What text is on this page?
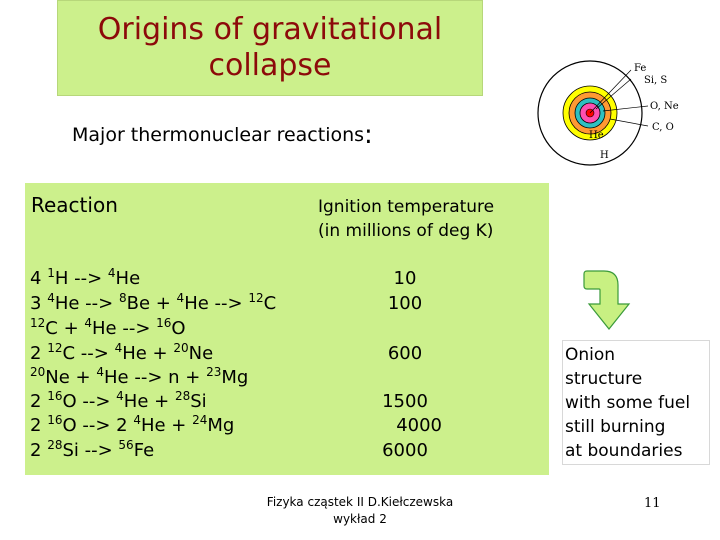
Origins of gravitational
collapse
Major thermonuclear reactions:
Fe
Si, S
O, Ne
C, O
He
H
Reaction	Ignition temperature
(in millions of deg K)
4 $^1$H --> $^4$He	10
3 $^4$He --> $^8$Be + $^4$He --> $^{12}$C	100
$^{12}$C + $^4$He --> $^{16}$O
2 $^{12}$C --> $^4$He + $^{20}$Ne	600
$^{20}$Ne + $^4$He --> n + $^{23}$Mg
2 $^{16}$O --> $^4$He + $^{28}$Si	1500
2 $^{16}$O --> 2 $^4$He + $^{24}$Mg	4000
2 $^{28}$Si --> $^{56}$Fe	6000
Onion
structure
with some fuel
still burning
at boundaries
Fizyka cząstek II D.Kiełczewska
wykład 2
11
